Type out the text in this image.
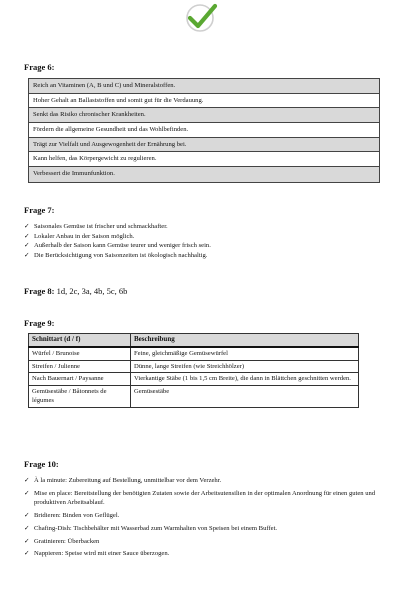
Frage 6:
Reich an Vitaminen (A, B und C) und Mineralstoffen.
Hoher Gehalt an Ballaststoffen und somit gut für die Verdauung.
Senkt das Risiko chronischer Krankheiten.
Fördern die allgemeine Gesundheit und das Wohlbefinden.
Trägt zur Vielfalt und Ausgewogenheit der Ernährung bei.
Kann helfen, das Körpergewicht zu regulieren.
Verbessert die Immunfunktion.
Frage 7:
✓ Saisonales Gemüse ist frischer und schmackhafter.
✓ Lokaler Anbau in der Saison möglich.
✓ Außerhalb der Saison kann Gemüse teurer und weniger frisch sein.
✓ Die Berücksichtigung von Saisonzeiten ist ökologisch nachhaltig.
Frage 8: 1d, 2c, 3a, 4b, 5c, 6b
Frage 9:
Schnittart (d / f)	Beschreibung
Würfel / Brunoise	Feine, gleichmäßige Gemüsewürfel
Streifen / Julienne	Dünne, lange Streifen (wie Streichhölzer)
Nach Bauernart / Paysanne	Vierkantige Stäbe (1 bis 1,5 cm Breite), die dann in Blättchen geschnitten werden.
Gemüsestäbe / Bâtonnets de légumes	Gemüsestäbe
Frage 10:
✓ À la minute: Zubereitung auf Bestellung, unmittelbar vor dem Verzehr.
✓ Mise en place: Bereitstellung der benötigten Zutaten sowie der Arbeitsutensilien in der optimalen Anordnung für einen guten und produktiven Arbeitsablauf.
✓ Bridieren: Binden von Geflügel.
✓ Chafing-Dish: Tischbehälter mit Wasserbad zum Warmhalten von Speisen bei einem Buffet.
✓ Gratinieren: Überbacken
✓ Nappieren: Speise wird mit einer Sauce überzogen.
